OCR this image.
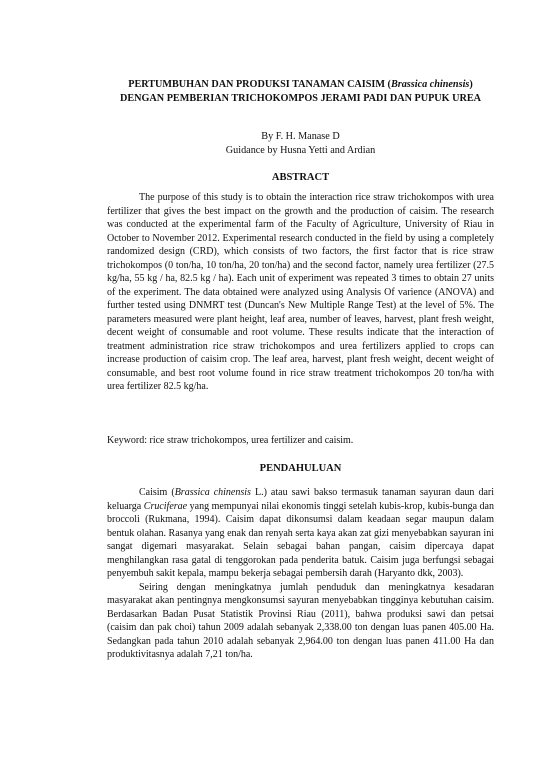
PERTUMBUHAN DAN PRODUKSI TANAMAN CAISIM (Brassica chinensis) DENGAN PEMBERIAN TRICHOKOMPOS JERAMI PADI DAN PUPUK UREA
By F. H. Manase D
Guidance by Husna Yetti and Ardian
ABSTRACT

The purpose of this study is to obtain the interaction rice straw trichokompos with urea fertilizer that gives the best impact on the growth and the production of caisim. The research was conducted at the experimental farm of the Faculty of Agriculture, University of Riau in October to November 2012. Experimental research conducted in the field by using a completely randomized design (CRD), which consists of two factors, the first factor that is rice straw trichokompos (0 ton/ha, 10 ton/ha, 20 ton/ha) and the second factor, namely urea fertilizer (27.5 kg/ha, 55 kg / ha, 82.5 kg / ha). Each unit of experiment was repeated 3 times to obtain 27 units of the experiment. The data obtained were analyzed using Analysis Of varience (ANOVA) and further tested using DNMRT test (Duncan's New Multiple Range Test) at the level of 5%. The parameters measured were plant height, leaf area, number of leaves, harvest, plant fresh weight, decent weight of consumable and root volume. These results indicate that the interaction of treatment administration rice straw trichokompos and urea fertilizers applied to crops can increase production of caisim crop. The leaf area, harvest, plant fresh weight, decent weight of consumable, and best root volume found in rice straw treatment trichokompos 20 ton/ha with urea fertilizer 82.5 kg/ha.

Keyword: rice straw trichokompos, urea fertilizer and caisim.
PENDAHULUAN

Caisim (Brassica chinensis L.) atau sawi bakso termasuk tanaman sayuran daun dari keluarga Cruciferae yang mempunyai nilai ekonomis tinggi setelah kubis-krop, kubis-bunga dan broccoli (Rukmana, 1994). Caisim dapat dikonsumsi dalam keadaan segar maupun dalam bentuk olahan. Rasanya yang enak dan renyah serta kaya akan zat gizi menyebabkan sayuran ini sangat digemari masyarakat. Selain sebagai bahan pangan, caisim dipercaya dapat menghilangkan rasa gatal di tenggorokan pada penderita batuk. Caisim juga berfungsi sebagai penyembuh sakit kepala, mampu bekerja sebagai pembersih darah (Haryanto dkk, 2003).

Seiring dengan meningkatnya jumlah penduduk dan meningkatnya kesadaran masyarakat akan pentingnya mengkonsumsi sayuran menyebabkan tingginya kebutuhan caisim. Berdasarkan Badan Pusat Statistik Provinsi Riau (2011), bahwa produksi sawi dan petsai (caisim dan pak choi) tahun 2009 adalah sebanyak 2,338.00 ton dengan luas panen 405.00 Ha. Sedangkan pada tahun 2010 adalah sebanyak 2,964.00 ton dengan luas panen 411.00 Ha dan produktivitasnya adalah 7,21 ton/ha.
